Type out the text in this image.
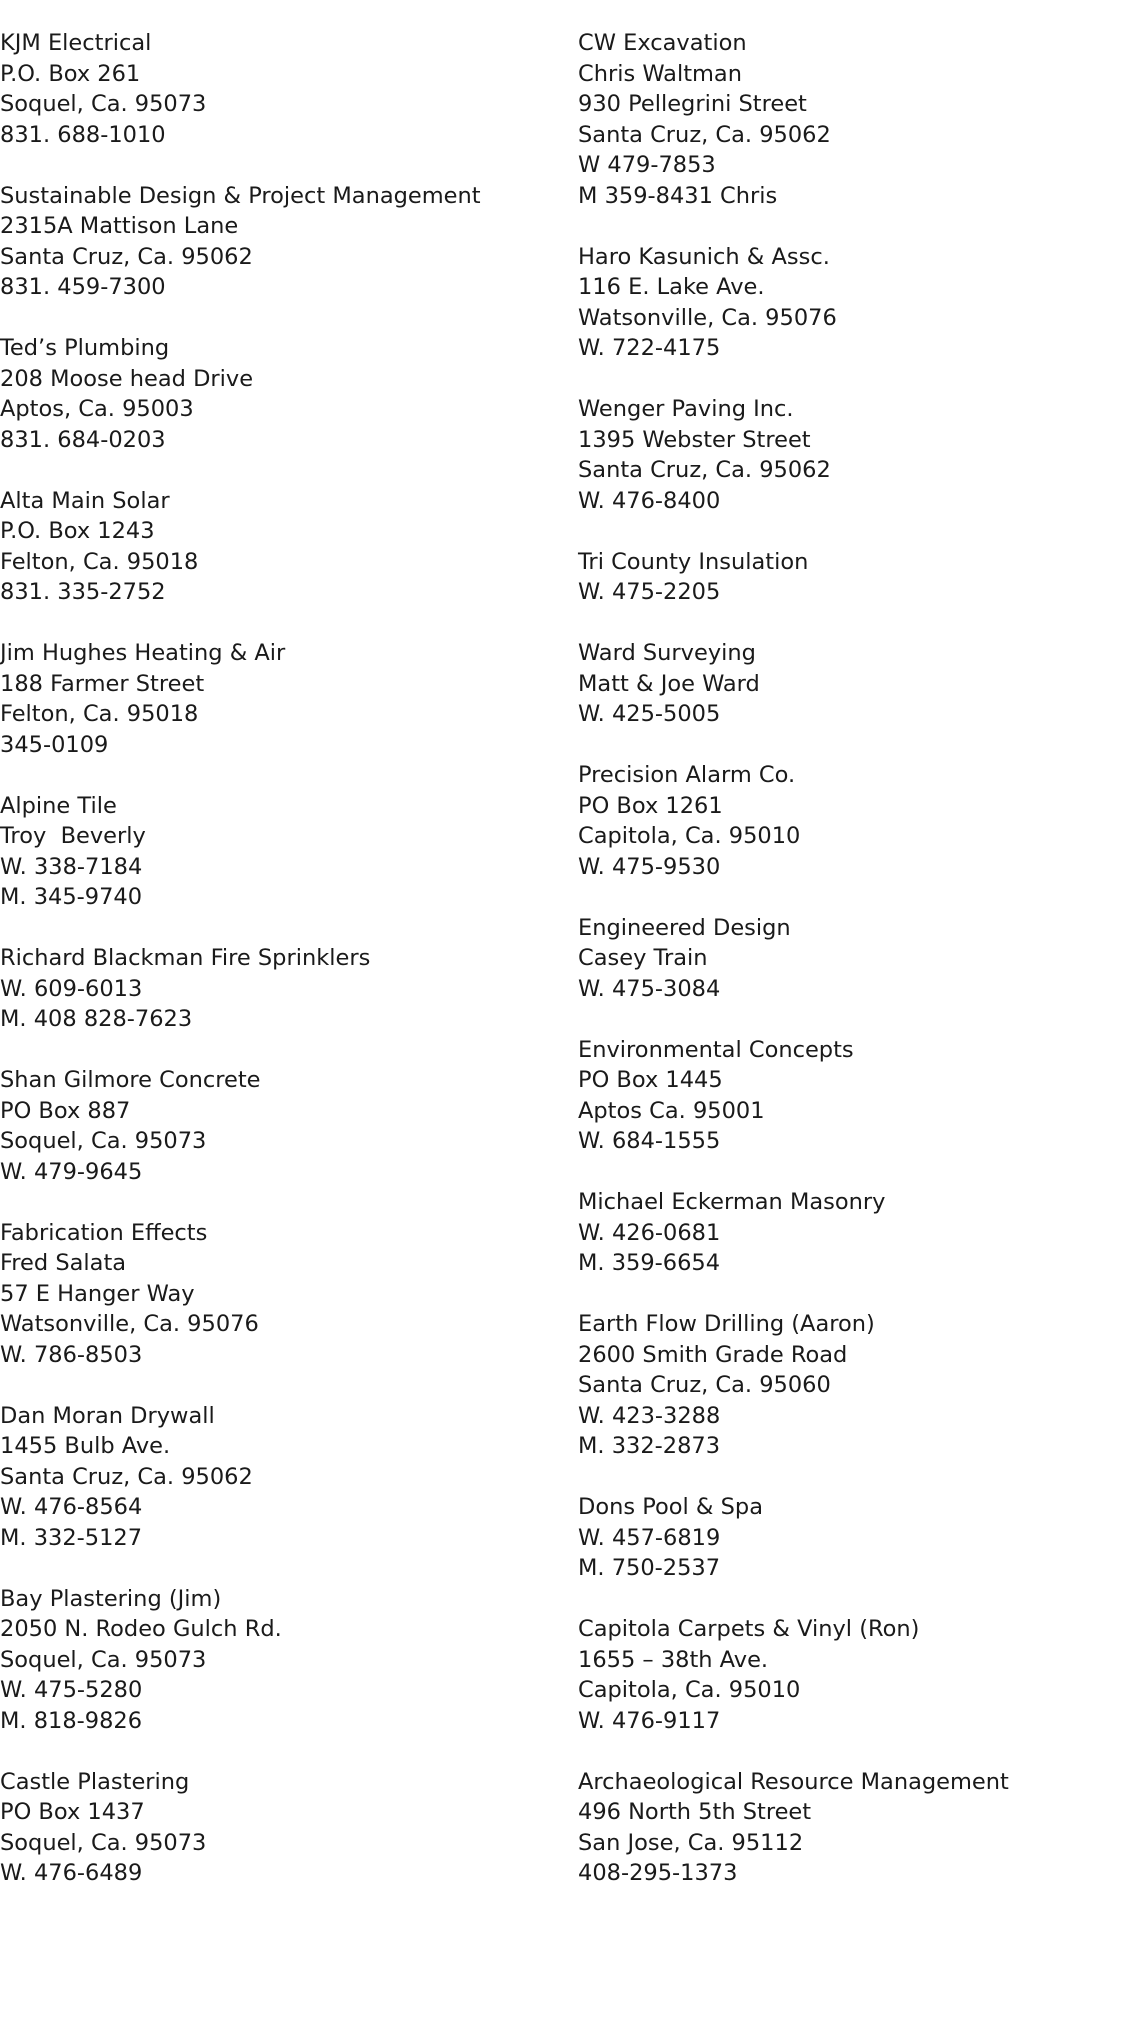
KJM Electrical
P.O. Box 261
Soquel, Ca. 95073
831. 688-1010
Sustainable Design & Project Management
2315A Mattison Lane
Santa Cruz, Ca. 95062
831. 459-7300
Ted’s Plumbing
208 Moose head Drive
Aptos, Ca. 95003
831. 684-0203
Alta Main Solar
P.O. Box 1243
Felton, Ca. 95018
831. 335-2752
Jim Hughes Heating & Air
188 Farmer Street
Felton, Ca. 95018
345-0109
Alpine Tile
Troy  Beverly
W. 338-7184
M. 345-9740
Richard Blackman Fire Sprinklers
W. 609-6013
M. 408 828-7623
Shan Gilmore Concrete
PO Box 887
Soquel, Ca. 95073
W. 479-9645
Fabrication Effects
Fred Salata
57 E Hanger Way
Watsonville, Ca. 95076
W. 786-8503
Dan Moran Drywall
1455 Bulb Ave.
Santa Cruz, Ca. 95062
W. 476-8564
M. 332-5127
Bay Plastering (Jim)
2050 N. Rodeo Gulch Rd.
Soquel, Ca. 95073
W. 475-5280
M. 818-9826
Castle Plastering
PO Box 1437
Soquel, Ca. 95073
W. 476-6489
CW Excavation
Chris Waltman
930 Pellegrini Street
Santa Cruz, Ca. 95062
W 479-7853
M 359-8431 Chris
Haro Kasunich & Assc.
116 E. Lake Ave.
Watsonville, Ca. 95076
W. 722-4175
Wenger Paving Inc.
1395 Webster Street
Santa Cruz, Ca. 95062
W. 476-8400
Tri County Insulation
W. 475-2205
Ward Surveying
Matt & Joe Ward
W. 425-5005
Precision Alarm Co.
PO Box 1261
Capitola, Ca. 95010
W. 475-9530
Engineered Design
Casey Train
W. 475-3084
Environmental Concepts
PO Box 1445
Aptos Ca. 95001
W. 684-1555
Michael Eckerman Masonry
W. 426-0681
M. 359-6654
Earth Flow Drilling (Aaron)
2600 Smith Grade Road
Santa Cruz, Ca. 95060
W. 423-3288
M. 332-2873
Dons Pool & Spa
W. 457-6819
M. 750-2537
Capitola Carpets & Vinyl (Ron)
1655 – 38th Ave.
Capitola, Ca. 95010
W. 476-9117
Archaeological Resource Management
496 North 5th Street
San Jose, Ca. 95112
408-295-1373
